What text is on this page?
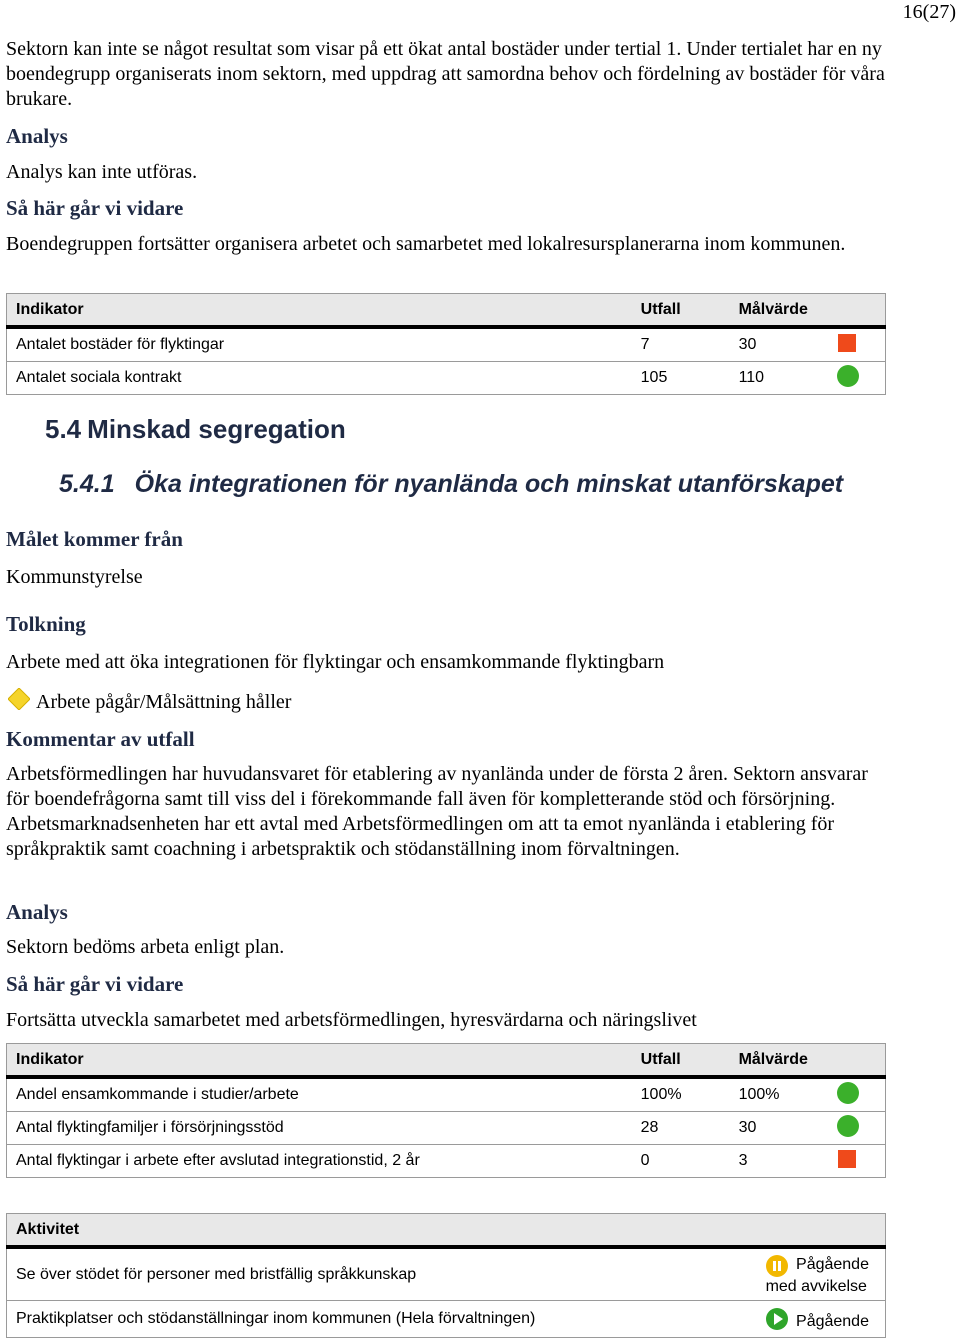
16(27)
Sektorn kan inte se något resultat som visar på ett ökat antal bostäder under tertial 1. Under tertialet har en ny boendegrupp organiserats inom sektorn, med uppdrag att samordna behov och fördelning av bostäder för våra brukare.
Analys
Analys kan inte utföras.
Så här går vi vidare
Boendegruppen fortsätter organisera arbetet och samarbetet med lokalresursplanerarna inom kommunen.
Indikator	Utfall	Målvärde	
Antalet bostäder för flyktingar	7	30	
Antalet sociala kontrakt	105	110	
5.4 Minskad segregation
5.4.1 Öka integrationen för nyanlända och minskat utanförskapet
Målet kommer från
Kommunstyrelse
Tolkning
Arbete med att öka integrationen för flyktingar och ensamkommande flyktingbarn
Arbete pågår/Målsättning håller
Kommentar av utfall
Arbetsförmedlingen har huvudansvaret för etablering av nyanlända under de första 2 åren. Sektorn ansvarar för boendefrågorna samt till viss del i förekommande fall även för kompletterande stöd och försörjning. Arbetsmarknadsenheten har ett avtal med Arbetsförmedlingen om att ta emot nyanlända i etablering för språkpraktik samt coachning i arbetspraktik och stödanställning inom förvaltningen.
Analys
Sektorn bedöms arbeta enligt plan.
Så här går vi vidare
Fortsätta utveckla samarbetet med arbetsförmedlingen, hyresvärdarna och näringslivet
Indikator	Utfall	Målvärde	
Andel ensamkommande i studier/arbete	100%	100%	
Antal flyktingfamiljer i försörjningsstöd	28	30	
Antal flyktingar i arbete efter avslutad integrationstid, 2 år	0	3	
Aktivitet	
Se över stödet för personer med bristfällig språkkunskap	Pågående
med avvikelse

Praktikplatser och stödanställningar inom kommunen (Hela förvaltningen)	Pågående
